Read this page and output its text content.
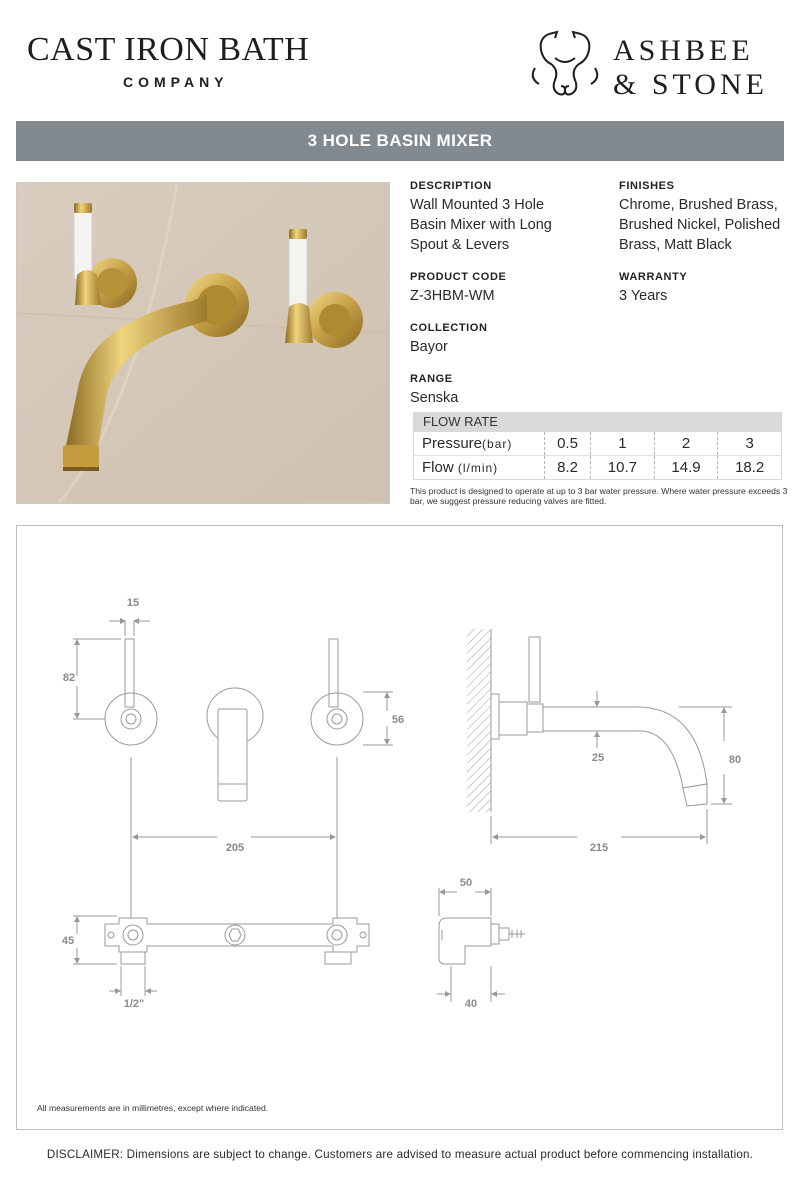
CAST IRON BATH
COMPANY
ASHBEE
& STONE
3 HOLE BASIN MIXER
DESCRIPTION
Wall Mounted 3 Hole Basin Mixer with Long Spout & Levers
PRODUCT CODE
Z-3HBM-WM
COLLECTION
Bayor
RANGE
Senska
FINISHES
Chrome, Brushed Brass, Brushed Nickel, Polished Brass, Matt Black
WARRANTY
3 Years
FLOW RATE
Pressure(bar)	0.5	1	2	3
Flow (l/min)	8.2	10.7	14.9	18.2
This product is designed to operate at up to 3 bar water pressure. Where water pressure exceeds 3 bar, we suggest pressure reducing valves are fitted.
15
82
56
205
25	80
215
45
1/2"
50
40
All measurements are in millimetres, except where indicated.
DISCLAIMER: Dimensions are subject to change. Customers are advised to measure actual product before commencing installation.
